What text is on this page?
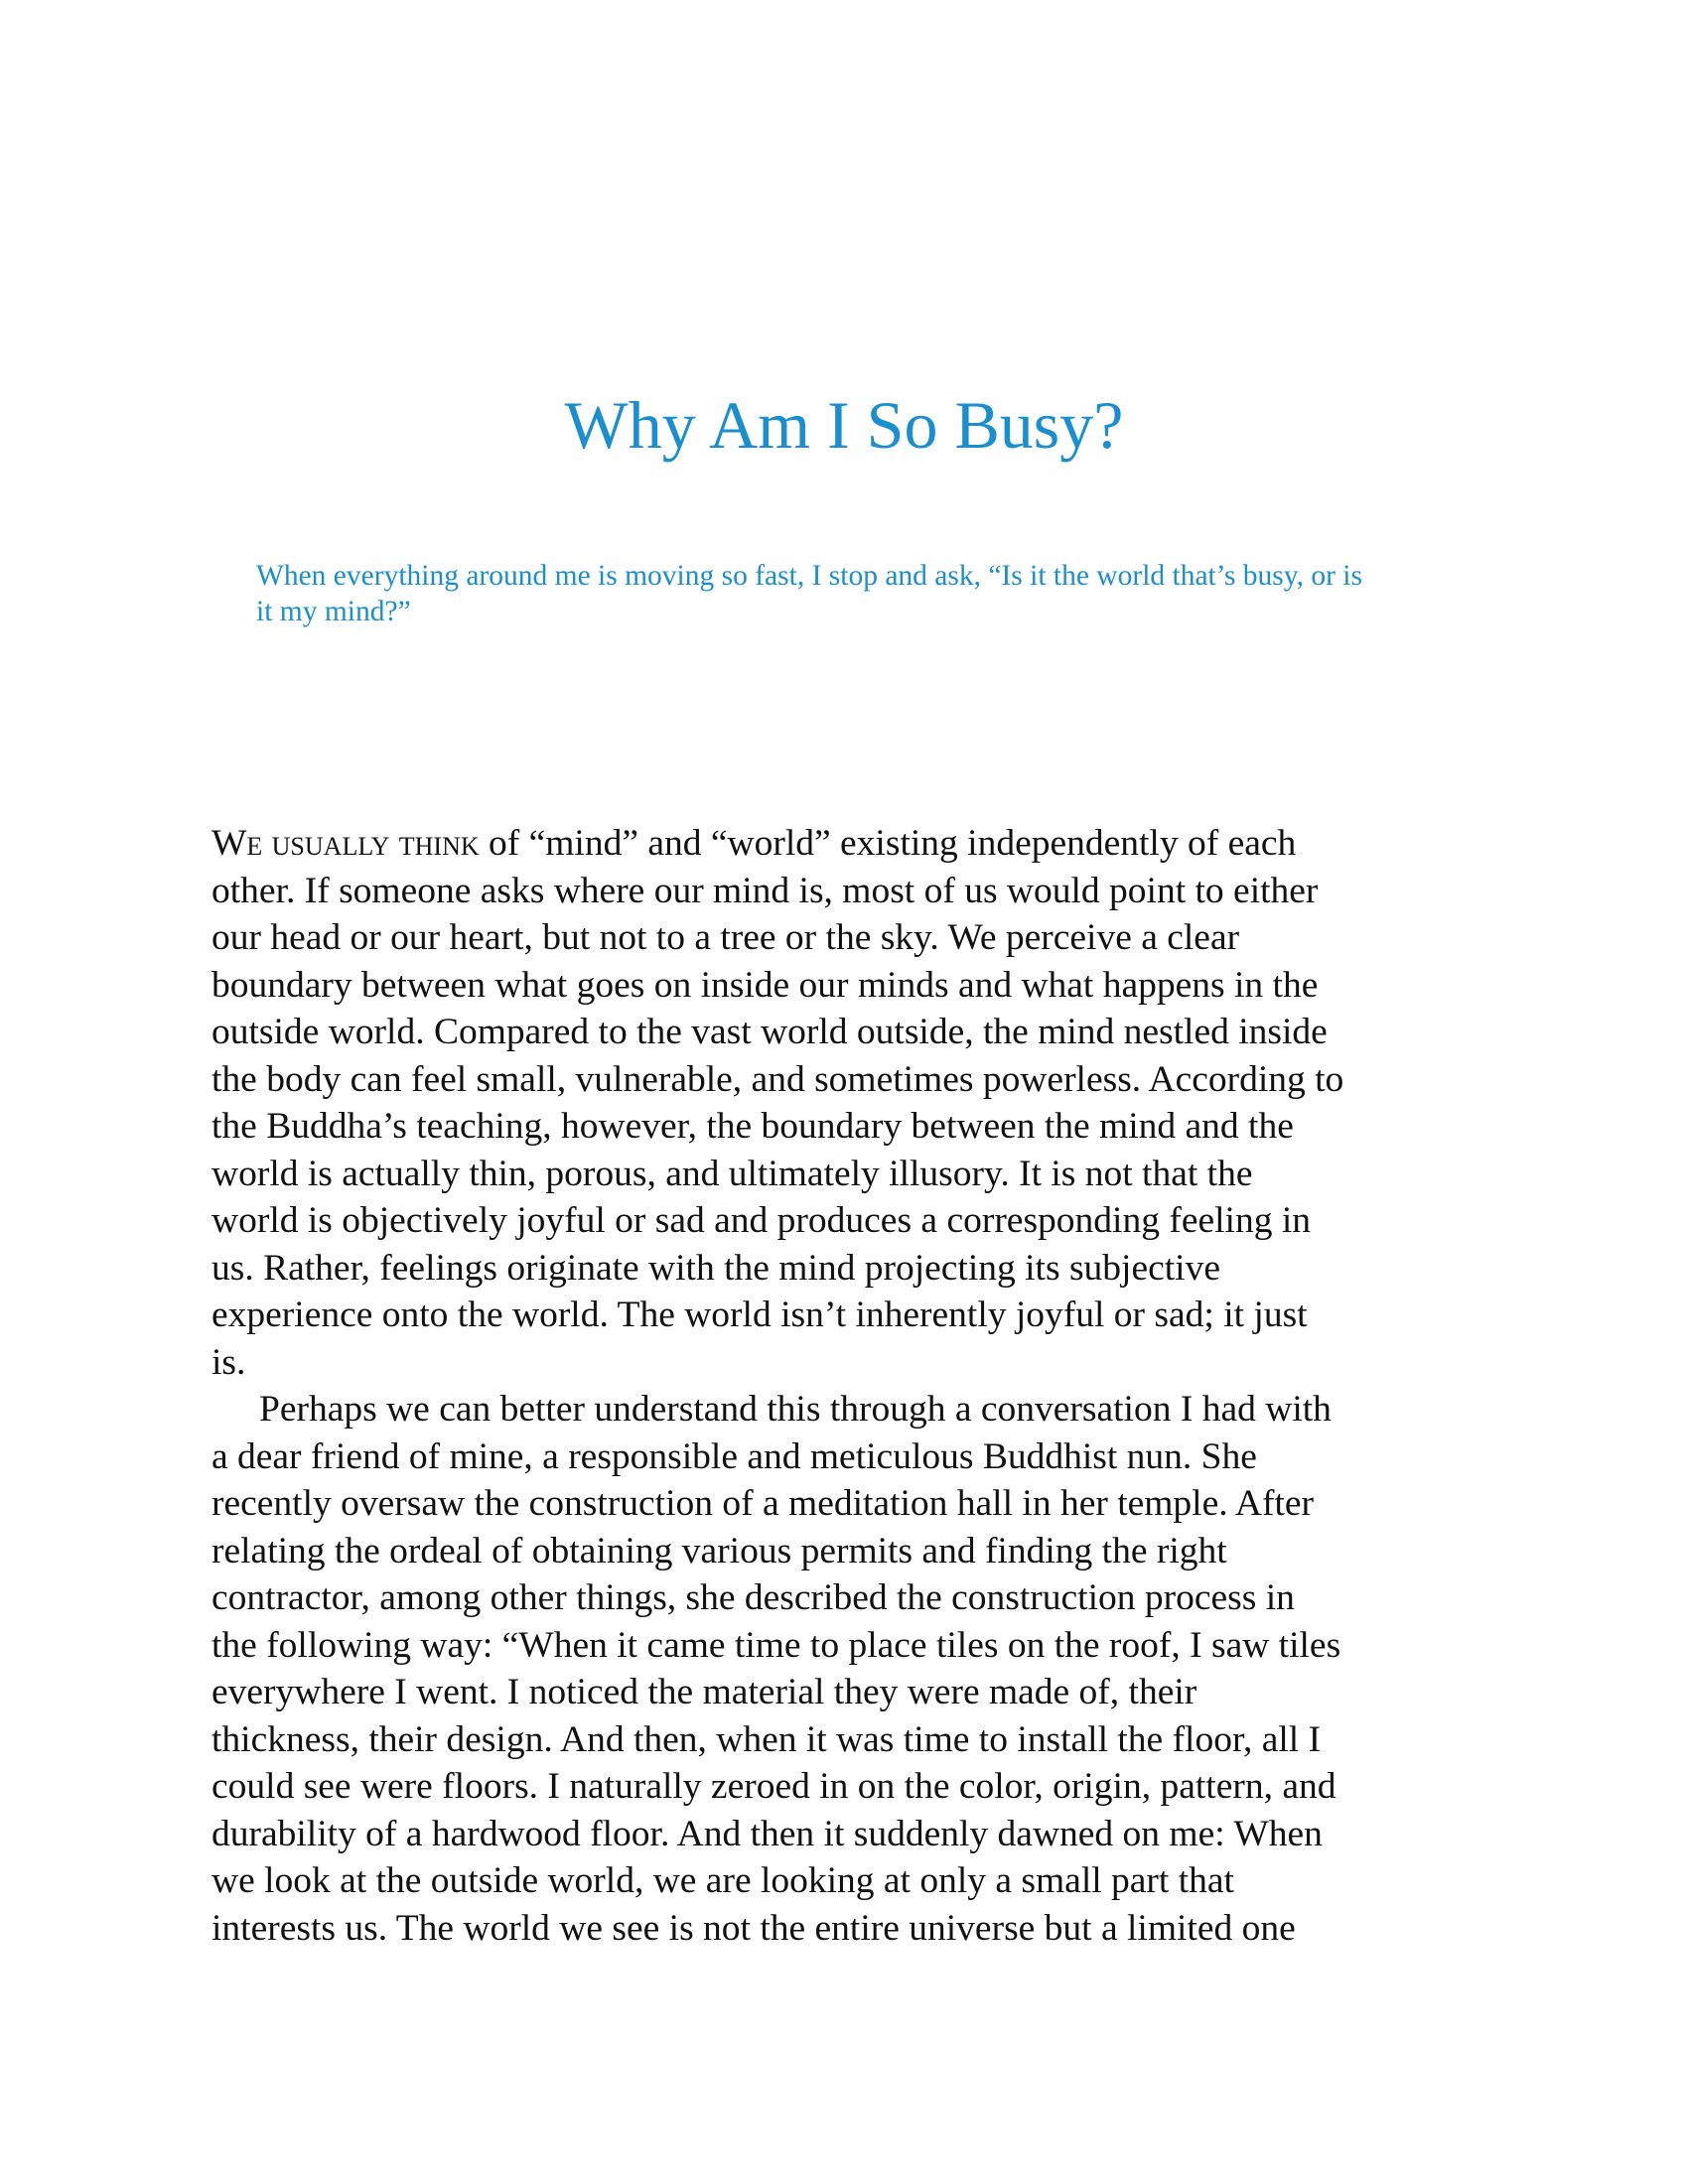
Why Am I So Busy?

When everything around me is moving so fast, I stop and ask, “Is it the world that’s busy, or is
it my mind?”

We usually think of “mind” and “world” existing independently of each
other. If someone asks where our mind is, most of us would point to either
our head or our heart, but not to a tree or the sky. We perceive a clear
boundary between what goes on inside our minds and what happens in the
outside world. Compared to the vast world outside, the mind nestled inside
the body can feel small, vulnerable, and sometimes powerless. According to
the Buddha’s teaching, however, the boundary between the mind and the
world is actually thin, porous, and ultimately illusory. It is not that the
world is objectively joyful or sad and produces a corresponding feeling in
us. Rather, feelings originate with the mind projecting its subjective
experience onto the world. The world isn’t inherently joyful or sad; it just
is.

Perhaps we can better understand this through a conversation I had with
a dear friend of mine, a responsible and meticulous Buddhist nun. She
recently oversaw the construction of a meditation hall in her temple. After
relating the ordeal of obtaining various permits and finding the right
contractor, among other things, she described the construction process in
the following way: “When it came time to place tiles on the roof, I saw tiles
everywhere I went. I noticed the material they were made of, their
thickness, their design. And then, when it was time to install the floor, all I
could see were floors. I naturally zeroed in on the color, origin, pattern, and
durability of a hardwood floor. And then it suddenly dawned on me: When
we look at the outside world, we are looking at only a small part that
interests us. The world we see is not the entire universe but a limited one
